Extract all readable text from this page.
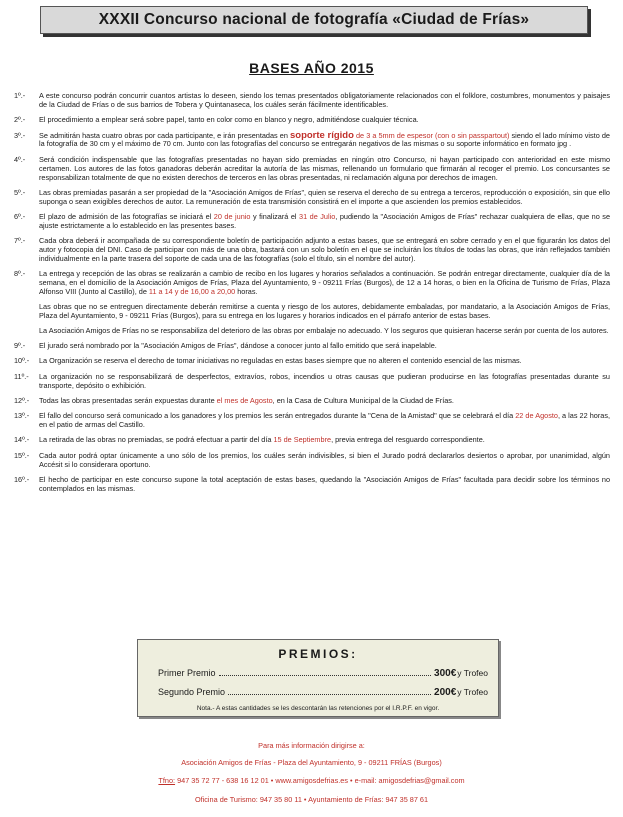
XXXII Concurso nacional de fotografía «Ciudad de Frías»
BASES AÑO 2015
1º.-	A este concurso podrán concurrir cuantos artistas lo deseen, siendo los temas presentados obligatoriamente relacionados con el folklore, costumbres, monumentos y paisajes de la Ciudad de Frías o de sus barrios de Tobera y Quintanaseca, los cuáles serán fácilmente identificables.

2º.-	El procedimiento a emplear será sobre papel, tanto en color como en blanco y negro, admitiéndose cualquier técnica.

3º.-	Se admitirán hasta cuatro obras por cada participante, e irán presentadas en soporte rígido de 3 a 5mm de espesor (con o sin passpartout) siendo el lado mínimo visto de la fotografía de 30 cm y el máximo de 70 cm. Junto con las fotografías del concurso se entregarán negativos de las mismas o su soporte informático en formato jpg .

4º.-	Será condición indispensable que las fotografías presentadas no hayan sido premiadas en ningún otro Concurso, ni hayan participado con anterioridad en este mismo certamen. Los autores de las fotos ganadoras deberán acreditar la autoría de las mismas, rellenando un formulario que firmarán al recoger el premio. Los concursantes se responsabilizan totalmente de que no existen derechos de terceros en las obras presentadas, ni reclamación alguna por derechos de imagen.

5º.-	Las obras premiadas pasarán a ser propiedad de la "Asociación Amigos de Frías", quien se reserva el derecho de su entrega a terceros, reproducción o exposición, sin que ello suponga o sean exigibles derechos de autor. La remuneración de esta transmisión consistirá en el importe a que ascienden los premios establecidos.

6º.-	El plazo de admisión de las fotografías se iniciará el 20 de junio y finalizará el 31 de Julio, pudiendo la "Asociación Amigos de Frías" rechazar cualquiera de ellas, que no se ajuste estrictamente a lo establecido en las presentes bases.

7º.-	Cada obra deberá ir acompañada de su correspondiente boletín de participación adjunto a estas bases, que se entregará en sobre cerrado y en el que figurarán los datos del autor y fotocopia del DNI. Caso de participar con más de una obra, bastará con un solo boletín en el que se incluirán los títulos de todas las obras, que irán reflejados también individualmente en la parte trasera del soporte de cada una de las fotografías (solo el título, sin el nombre del autor).

8º.-	La entrega y recepción de las obras se realizarán a cambio de recibo en los lugares y horarios señalados a continuación. Se podrán entregar directamente, cualquier día de la semana, en el domicilio de la Asociación Amigos de Frías, Plaza del Ayuntamiento, 9 - 09211 Frías (Burgos), de 12 a 14 horas, o bien en la Oficina de Turismo de Frías, Plaza Alfonso VIII (Junto al Castillo), de 11 a 14 y de 16,00 a 20,00 horas.

Las obras que no se entreguen directamente deberán remitirse a cuenta y riesgo de los autores, debidamente embaladas, por mandatario, a la Asociación Amigos de Frías, Plaza del Ayuntamiento, 9 - 09211 Frías (Burgos), para su entrega en los lugares y horarios indicados en el párrafo anterior de estas bases.

La Asociación Amigos de Frías no se responsabiliza del deterioro de las obras por embalaje no adecuado. Y los seguros que quisieran hacerse serán por cuenta de los autores.

9º.-	El jurado será nombrado por la "Asociación Amigos de Frías", dándose a conocer junto al fallo emitido que será inapelable.

10º.-	La Organización se reserva el derecho de tomar iniciativas no reguladas en estas bases siempre que no alteren el contenido esencial de las mismas.

11º.-	La organización no se responsabilizará de desperfectos, extravíos, robos, incendios u otras causas que pudieran producirse en las fotografías presentadas durante su transporte, depósito o exhibición.

12º.-	Todas las obras presentadas serán expuestas durante el mes de Agosto, en la Casa de Cultura Municipal de la Ciudad de Frías.

13º.-	El fallo del concurso será comunicado a los ganadores y los premios les serán entregados durante la "Cena de la Amistad" que se celebrará el día 22 de Agosto, a las 22 horas, en el patio de armas del Castillo.

14º.-	La retirada de las obras no premiadas, se podrá efectuar a partir del día 15 de Septiembre, previa entrega del resguardo correspondiente.

15º.-	Cada autor podrá optar únicamente a uno sólo de los premios, los cuáles serán indivisibles, si bien el Jurado podrá declararlos desiertos o aprobar, por unanimidad, algún Accésit si lo considerara oportuno.

16º.-	El hecho de participar en este concurso supone la total aceptación de estas bases, quedando la "Asociación Amigos de Frías" facultada para decidir sobre los términos no contemplados en las mismas.

PREMIOS:
Primer Premio	300€ y Trofeo
Segundo Premio	200€ y Trofeo
Nota.- A estas cantidades se les descontarán las retenciones por el I.R.P.F. en vigor.
Para más información dirigirse a:
Asociación Amigos de Frías - Plaza del Ayuntamiento, 9 - 09211 FRÍAS (Burgos)
Tfno: 947 35 72 77 - 638 16 12 01 • www.amigosdefrias.es • e-mail: amigosdefrias@gmail.com
Oficina de Turismo: 947 35 80 11 • Ayuntamiento de Frías: 947 35 87 61
